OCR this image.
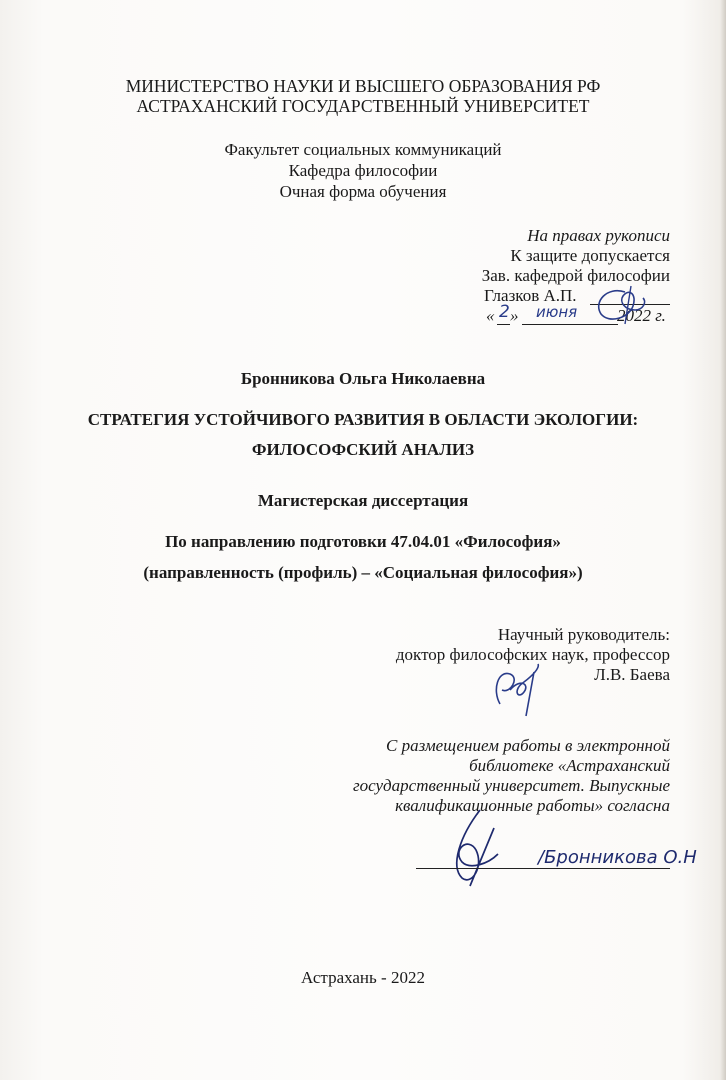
МИНИСТЕРСТВО НАУКИ И ВЫСШЕГО ОБРАЗОВАНИЯ РФ
АСТРАХАНСКИЙ ГОСУДАРСТВЕННЫЙ УНИВЕРСИТЕТ
Факультет социальных коммуникаций
Кафедра философии
Очная форма обучения
На правах рукописи
К защите допускается
Зав. кафедрой философии
Глазков А.П.
« 2 » июня 2022 г.
Бронникова Ольга Николаевна
СТРАТЕГИЯ УСТОЙЧИВОГО РАЗВИТИЯ В ОБЛАСТИ ЭКОЛОГИИ:
ФИЛОСОФСКИЙ АНАЛИЗ
Магистерская диссертация
По направлению подготовки 47.04.01 «Философия»
(направленность (профиль) – «Социальная философия»)
Научный руководитель:
доктор философских наук, профессор
Л.В. Баева
С размещением работы в электронной
библиотеке «Астраханский
государственный университет. Выпускные
квалификационные работы» согласна
/Бронникова О.Н
Астрахань - 2022
